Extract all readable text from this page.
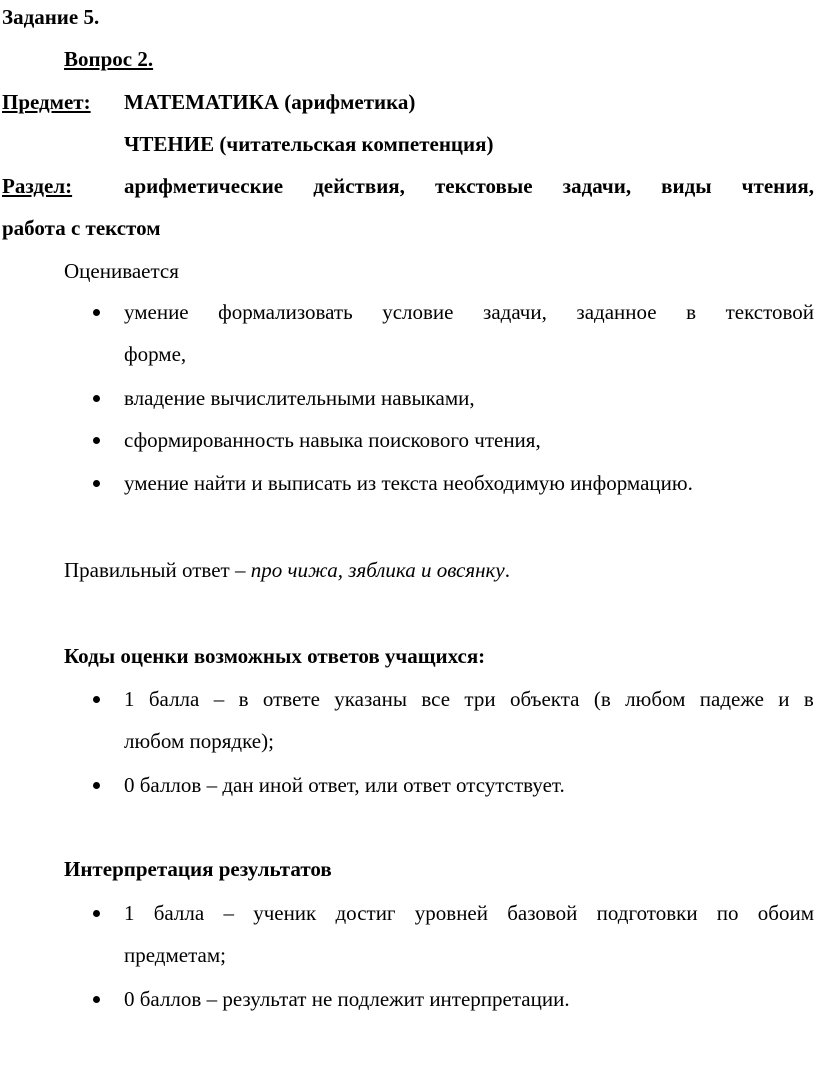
Задание 5.
Вопрос 2.
Предмет: МАТЕМАТИКА (арифметика)
ЧТЕНИЕ (читательская компетенция)
Раздел: арифметические действия, текстовые задачи, виды чтения,
работа с текстом
Оценивается
умение формализовать условие задачи, заданное в текстовой
форме,
владение вычислительными навыками,
сформированность навыка поискового чтения,
умение найти и выписать из текста необходимую информацию.
Правильный ответ – про чижа, зяблика и овсянку.
Коды оценки возможных ответов учащихся:
1 балла – в ответе указаны все три объекта (в любом падеже и в
любом порядке);
0 баллов – дан иной ответ, или ответ отсутствует.
Интерпретация результатов
1 балла – ученик достиг уровней базовой подготовки по обоим
предметам;
0 баллов – результат не подлежит интерпретации.
